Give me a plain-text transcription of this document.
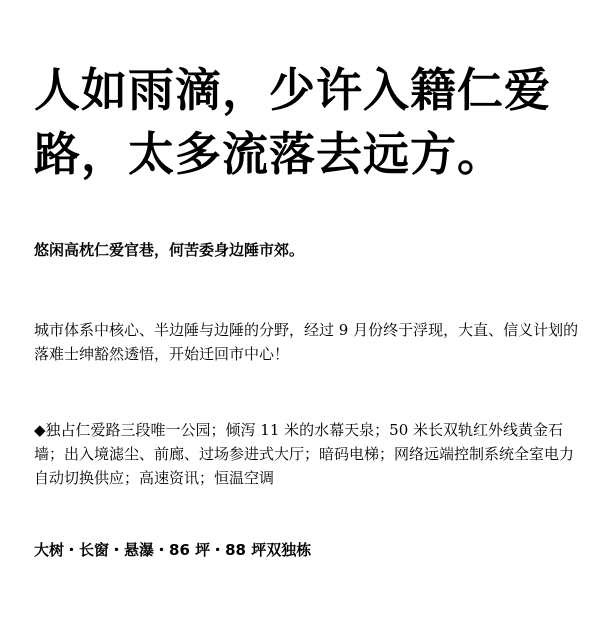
人如雨滴，少许入籍仁爱路，太多流落去远方。

悠闲高枕仁爱官巷，何苦委身边陲市郊。

城市体系中核心、半边陲与边陲的分野，经过 9 月份终于浮现，大直、信义计划的落难士绅豁然透悟，开始迁回市中心！

◆独占仁爱路三段唯一公园；倾泻 11 米的水幕天泉；50 米长双轨红外线黄金石墙；出入境滤尘、前廊、过场参进式大厅；暗码电梯；网络远端控制系统全室电力自动切换供应；高速资讯；恒温空调

大树・长窗・悬瀑・86 坪・88 坪双独栋
